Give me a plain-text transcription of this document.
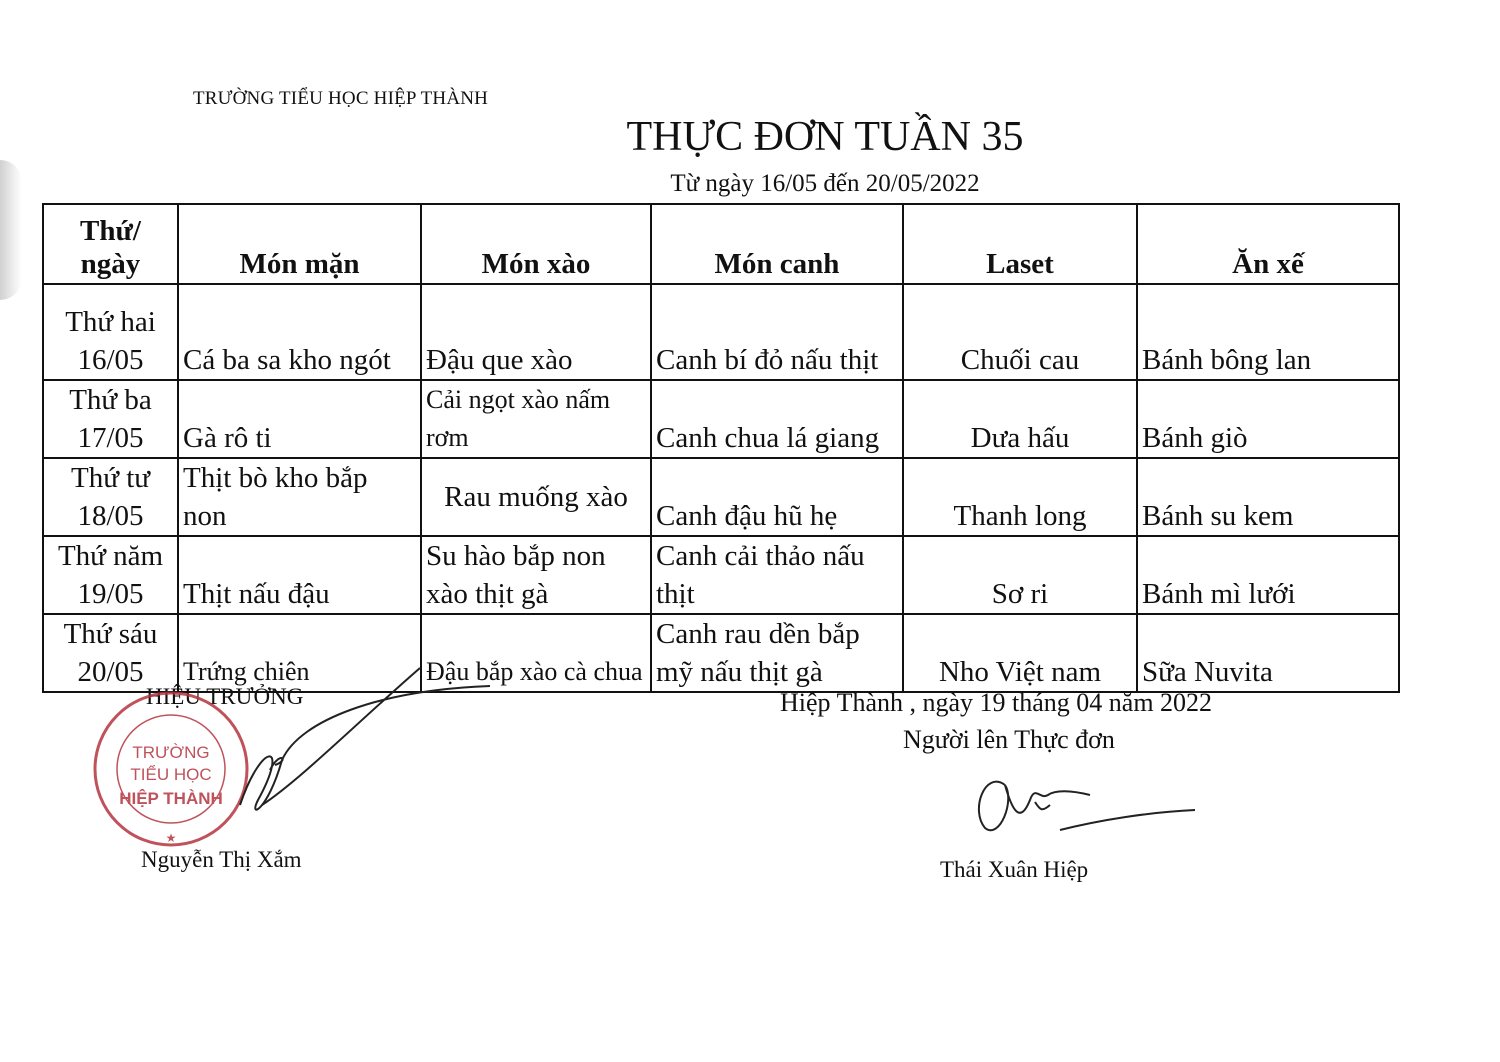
TRƯỜNG TIỂU HỌC HIỆP THÀNH
THỰC ĐƠN TUẦN 35
Từ ngày 16/05 đến 20/05/2022
Thứ/
ngày	Món mặn	Món xào	Món canh	Laset	Ăn xế

Thứ hai
16/05	Cá ba sa kho ngót	Đậu que xào	Canh bí đỏ nấu thịt	Chuối cau	Bánh bông lan

Thứ ba
17/05	Gà rô ti	Cải ngọt xào nấm rơm	Canh chua lá giang	Dưa hấu	Bánh giò

Thứ tư
18/05	Thịt bò kho bắp non	Rau muống xào	Canh đậu hũ hẹ	Thanh long	Bánh su kem

Thứ năm
19/05	Thịt nấu đậu	Su hào bắp non xào thịt gà	Canh cải thảo nấu thịt	Sơ ri	Bánh mì lưới

Thứ sáu
20/05	Trứng chiên	Đậu bắp xào cà chua	Canh rau dền bắp mỹ nấu thịt gà	Nho Việt nam	Sữa Nuvita
HIỆU TRƯỞNG
★
TRƯỜNG
TIỂU HỌC
HIỆP THÀNH
Nguyễn Thị Xắm
Hiệp Thành , ngày 19 tháng 04 năm 2022
Người lên Thực đơn
Thái Xuân Hiệp
